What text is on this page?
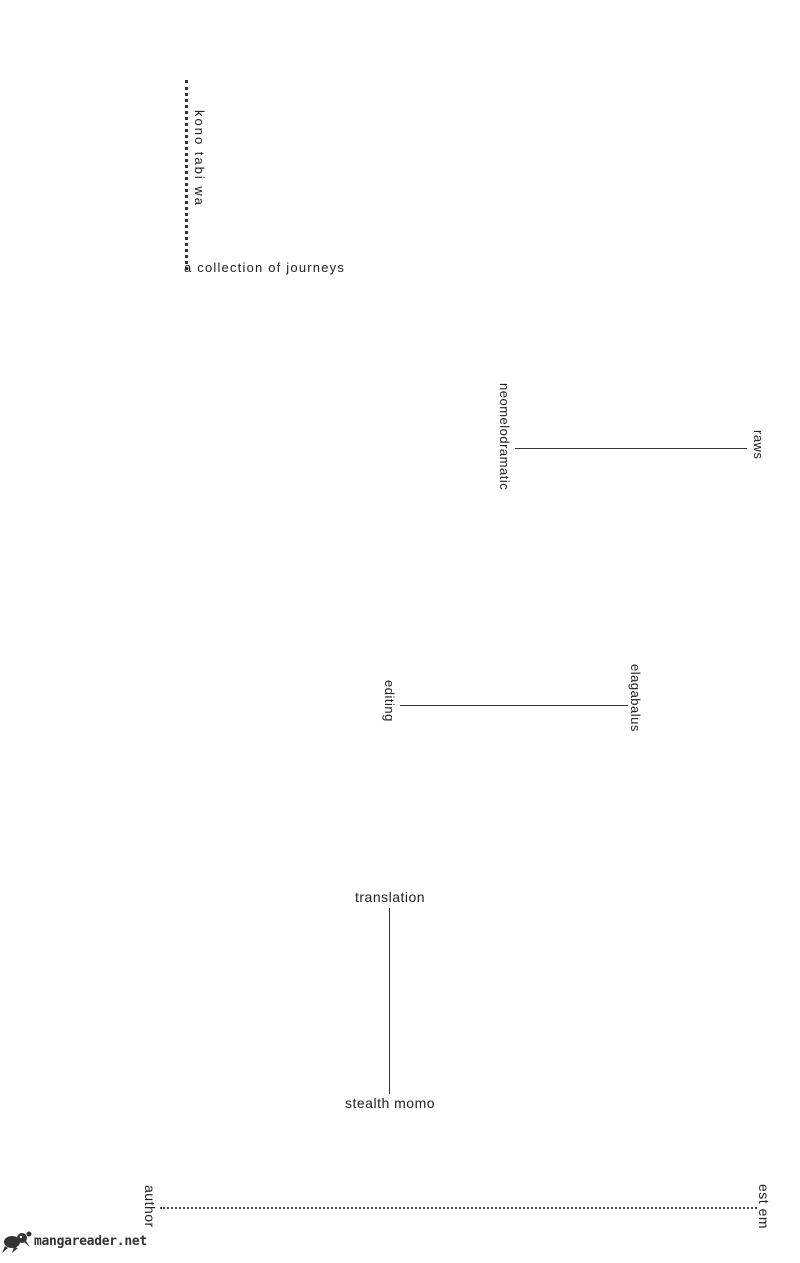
kono tabi wa
a collection of journeys
neomelodramatic	raws
editing	elagabalus
translation
stealth momo
author	est em
mangareader.net
